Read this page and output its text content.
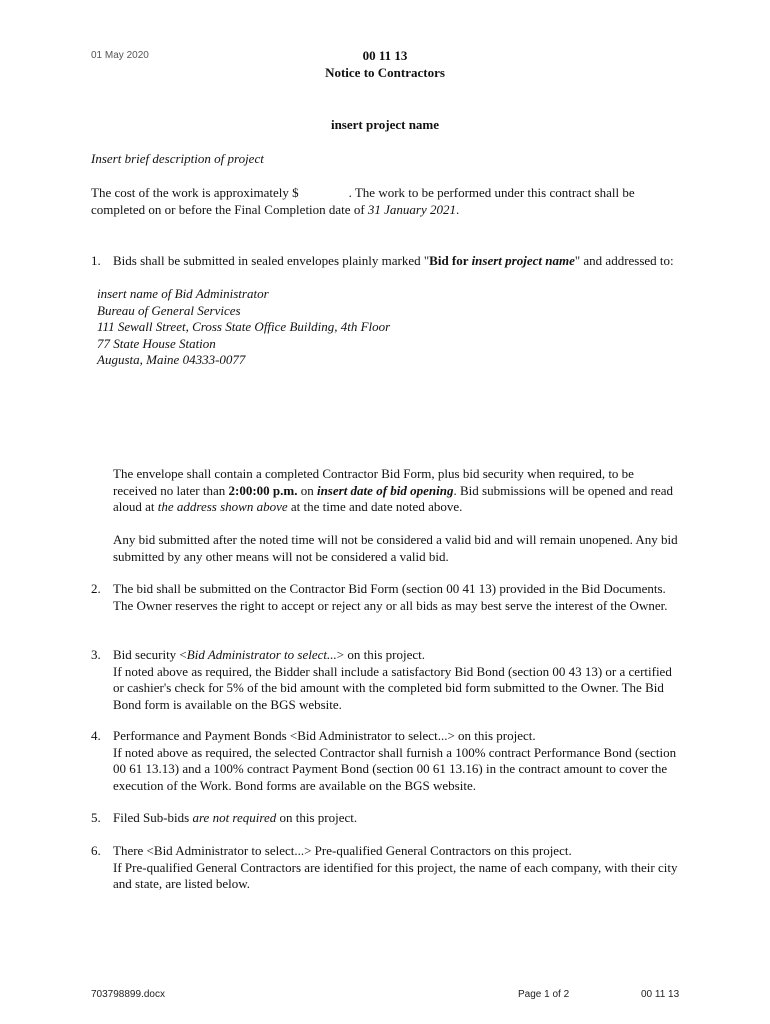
01 May 2020	00 11 13
Notice to Contractors
insert project name
Insert brief description of project
The cost of the work is approximately $	. The work to be performed under this contract shall be completed on or before the Final Completion date of 31 January 2021.
1. Bids shall be submitted in sealed envelopes plainly marked "Bid for insert project name" and addressed to:
insert name of Bid Administrator
Bureau of General Services
111 Sewall Street, Cross State Office Building, 4th Floor
77 State House Station
Augusta, Maine 04333-0077
The envelope shall contain a completed Contractor Bid Form, plus bid security when required, to be received no later than 2:00:00 p.m. on insert date of bid opening. Bid submissions will be opened and read aloud at the address shown above at the time and date noted above.
Any bid submitted after the noted time will not be considered a valid bid and will remain unopened. Any bid submitted by any other means will not be considered a valid bid.
2. The bid shall be submitted on the Contractor Bid Form (section 00 41 13) provided in the Bid Documents. The Owner reserves the right to accept or reject any or all bids as may best serve the interest of the Owner.
3. Bid security <Bid Administrator to select...> on this project.
If noted above as required, the Bidder shall include a satisfactory Bid Bond (section 00 43 13) or a certified or cashier's check for 5% of the bid amount with the completed bid form submitted to the Owner. The Bid Bond form is available on the BGS website.
4. Performance and Payment Bonds <Bid Administrator to select...> on this project.
If noted above as required, the selected Contractor shall furnish a 100% contract Performance Bond (section 00 61 13.13) and a 100% contract Payment Bond (section 00 61 13.16) in the contract amount to cover the execution of the Work. Bond forms are available on the BGS website.
5. Filed Sub-bids are not required on this project.
6. There <Bid Administrator to select...> Pre-qualified General Contractors on this project.
If Pre-qualified General Contractors are identified for this project, the name of each company, with their city and state, are listed below.
703798899.docx	Page 1 of 2	00 11 13
